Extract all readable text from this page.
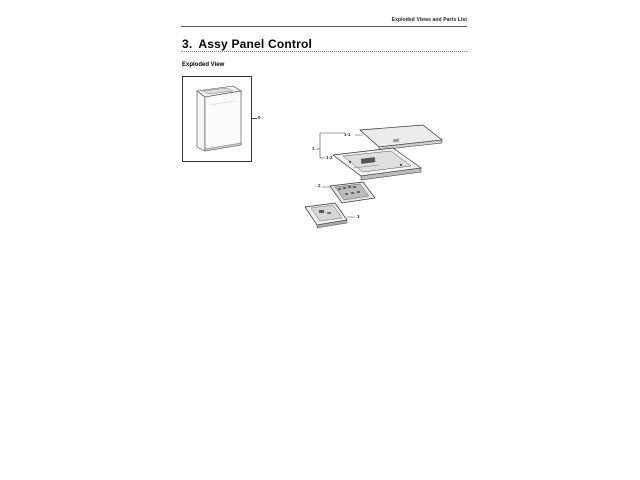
Exploded Views and Parts List
3. Assy Panel Control
Exploded View
0
1
1-1
1-2
2
3
